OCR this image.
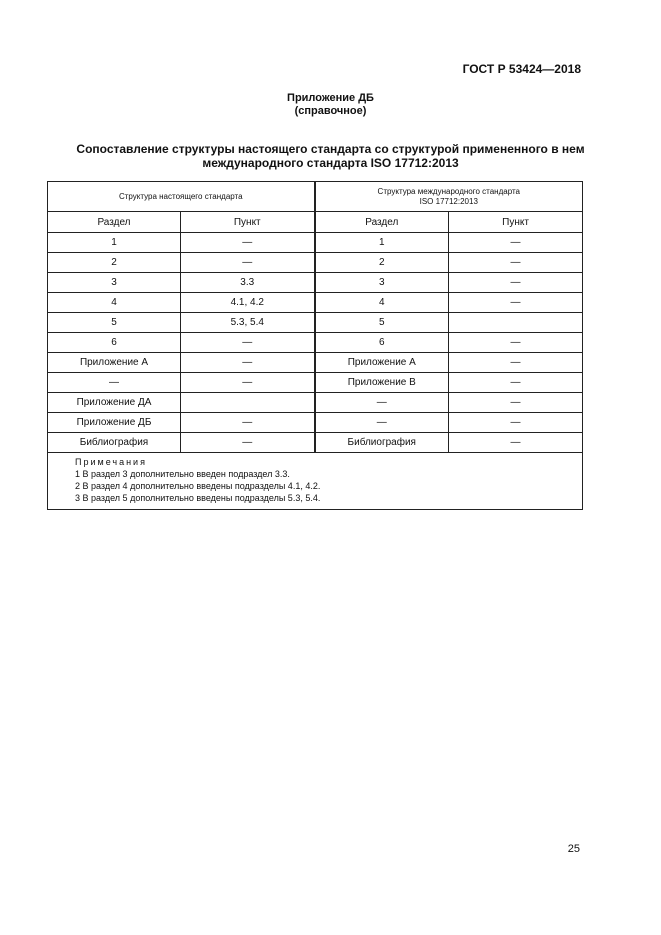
ГОСТ Р 53424—2018
Приложение ДБ
(справочное)
Сопоставление структуры настоящего стандарта со структурой примененного в нем
международного стандарта ISO 17712:2013
Структура настоящего стандарта		Структура международного стандарта
ISO 17712:2013	

Раздел	Пункт	Раздел	Пункт
1	—	1	—
2	—	2	—
3	3.3	3	—
4	4.1, 4.2	4	—
5	5.3, 5.4	5	
6	—	6	—
Приложение А	—	Приложение А	—
—	—	Приложение В	—
Приложение ДА		—	—
Приложение ДБ	—	—	—
Библиография	—	Библиография	—

Примечания
1 В раздел 3 дополнительно введен подраздел 3.3.
2 В раздел 4 дополнительно введены подразделы 4.1, 4.2.
3 В раздел 5 дополнительно введены подразделы 5.3, 5.4.			
25
